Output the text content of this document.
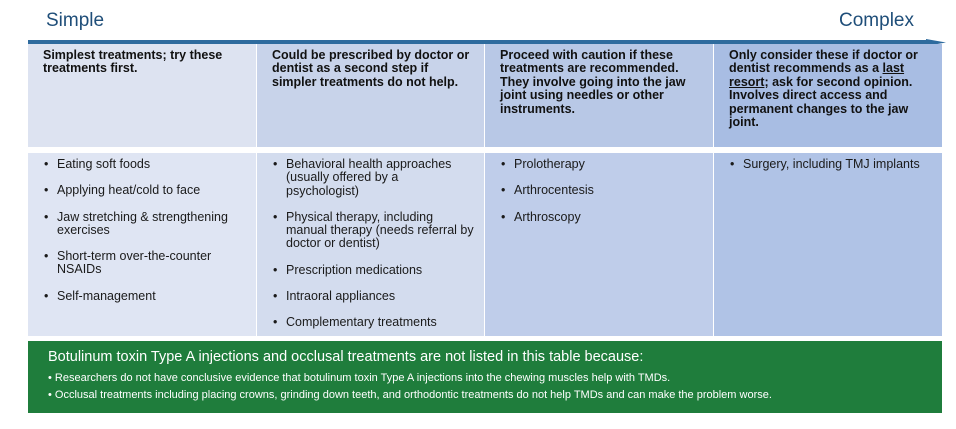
Simple	Complex
Simplest treatments; try these treatments first.
• Eating soft foods
• Applying heat/cold to face
• Jaw stretching & strengthening exercises
• Short-term over-the-counter NSAIDs
• Self-management
Could be prescribed by doctor or dentist as a second step if simpler treatments do not help.
• Behavioral health approaches (usually offered by a psychologist)
• Physical therapy, including manual therapy (needs referral by doctor or dentist)
• Prescription medications
• Intraoral appliances
• Complementary treatments
Proceed with caution if these treatments are recommended. They involve going into the jaw joint using needles or other instruments.
• Prolotherapy
• Arthrocentesis
• Arthroscopy
Only consider these if doctor or dentist recommends as a last resort; ask for second opinion. Involves direct access and permanent changes to the jaw joint.
• Surgery, including TMJ implants
Botulinum toxin Type A injections and occlusal treatments are not listed in this table because:
• Researchers do not have conclusive evidence that botulinum toxin Type A injections into the chewing muscles help with TMDs.
• Occlusal treatments including placing crowns, grinding down teeth, and orthodontic treatments do not help TMDs and can make the problem worse.
